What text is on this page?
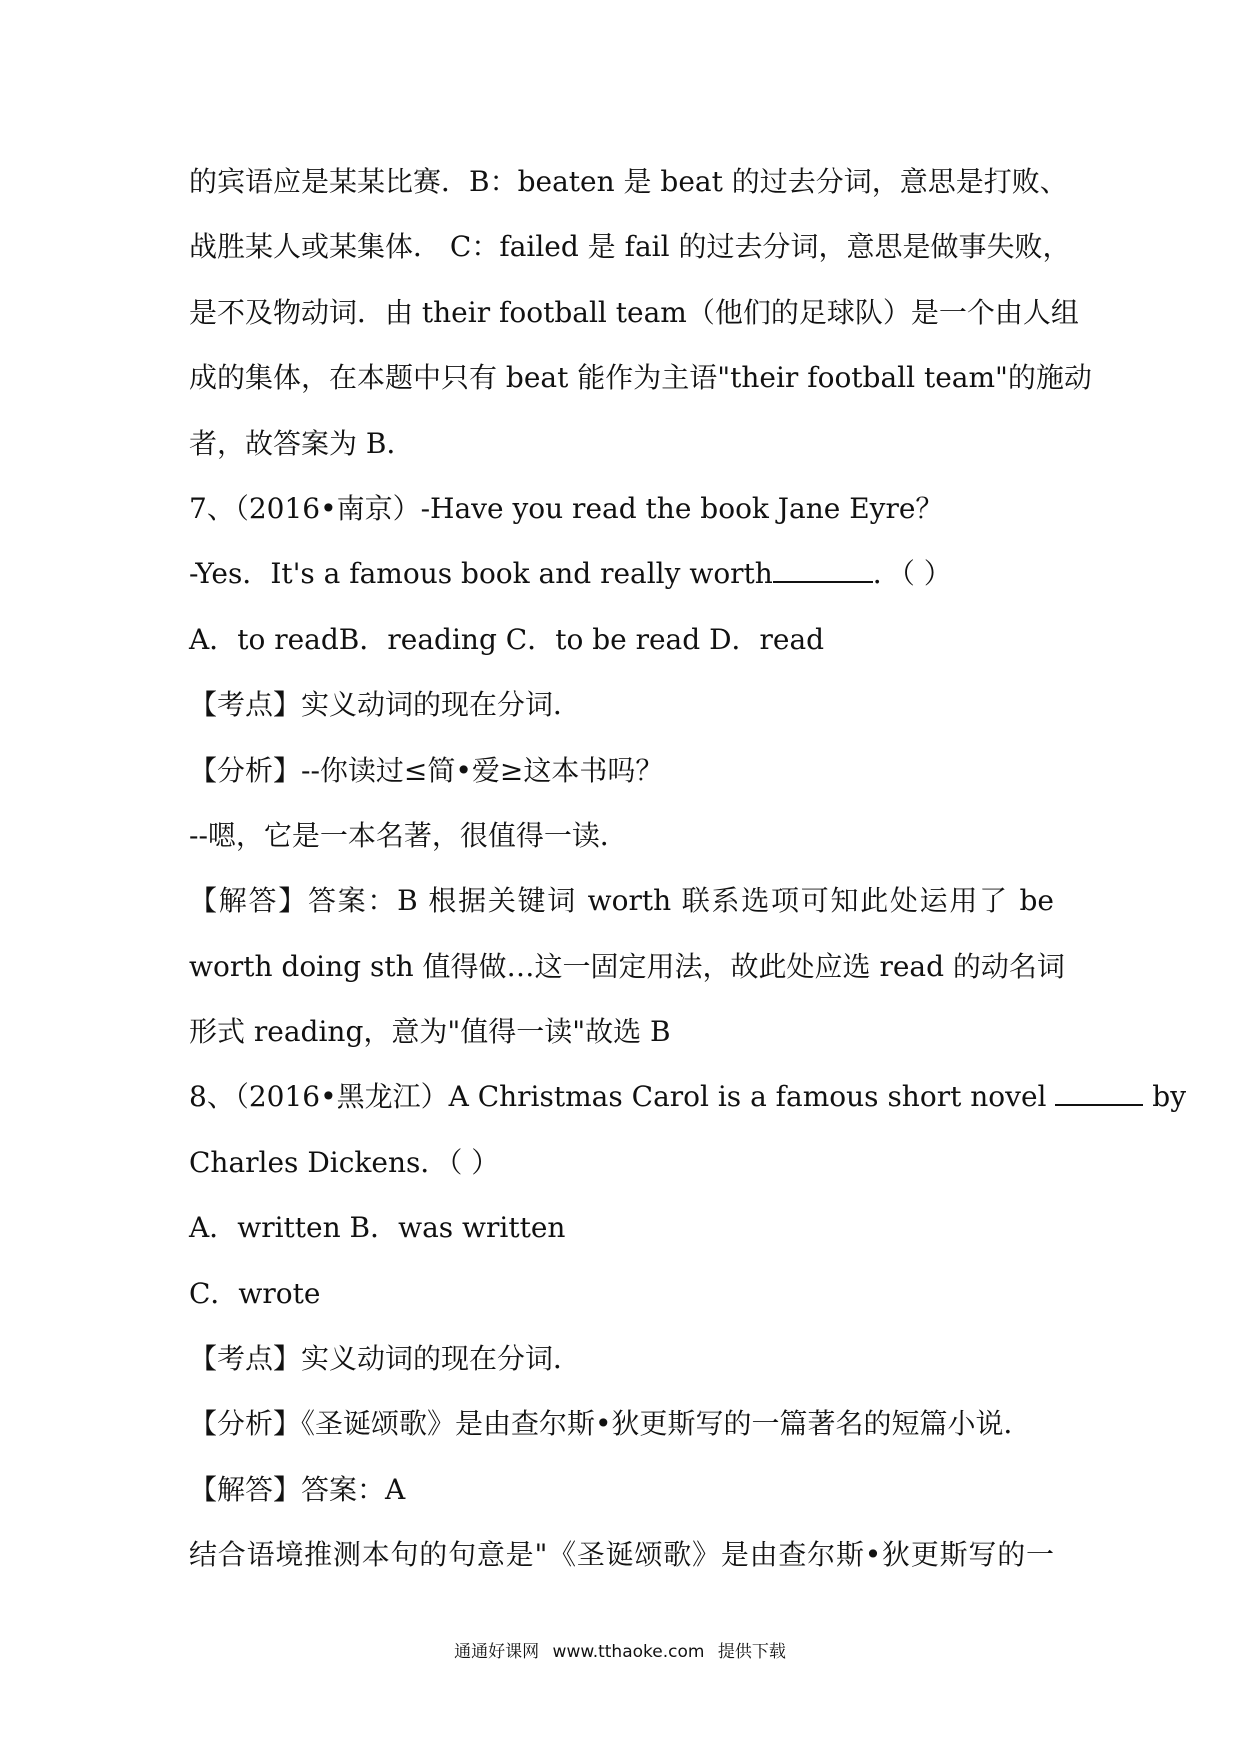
的宾语应是某某比赛．B：beaten 是 beat 的过去分词，意思是打败、
战胜某人或某集体． C：failed 是 fail 的过去分词，意思是做事失败，
是不及物动词．由 their football team（他们的足球队）是一个由人组
成的集体，在本题中只有 beat 能作为主语"their football team"的施动
者，故答案为 B．
7、（2016•南京）-Have you read the book Jane Eyre？
-Yes．It's a famous book and really worth	．（ ）
A．to readB．reading C．to be read D．read
【考点】实义动词的现在分词．
【分析】--你读过≤简•爱≥这本书吗？
--嗯，它是一本名著，很值得一读．
【解答】答案：B 根据关键词 worth 联系选项可知此处运用了 be
worth doing sth 值得做…这一固定用法，故此处应选 read 的动名词
形式 reading，意为"值得一读"故选 B
8、（2016•黑龙江）A Christmas Carol is a famous short novel	by
Charles Dickens．（ ）
A．written B．was written
C．wrote
【考点】实义动词的现在分词．
【分析】《圣诞颂歌》是由查尔斯•狄更斯写的一篇著名的短篇小说．
【解答】答案：A
结合语境推测本句的句意是"《圣诞颂歌》是由查尔斯•狄更斯写的一
通通好课网 www.tthaoke.com 提供下载
